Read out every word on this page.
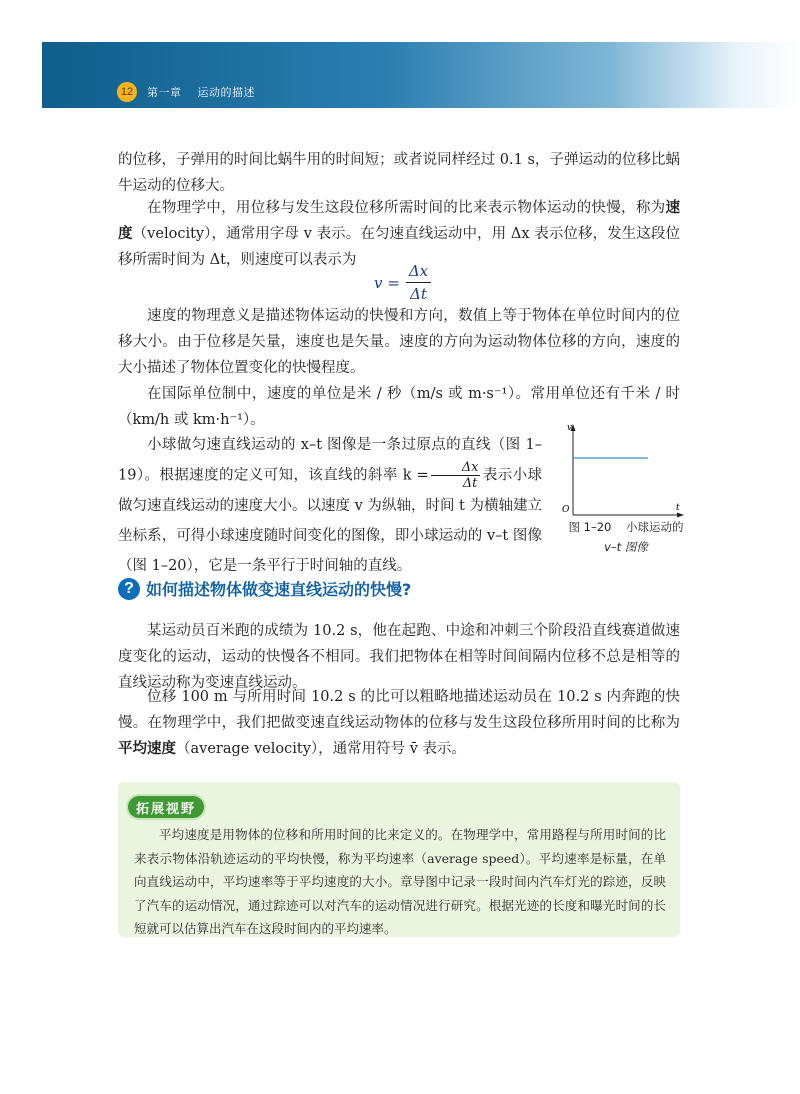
12	第一章    运动的描述

的位移，子弹用的时间比蜗牛用的时间短；或者说同样经过 0.1 s，子弹运动的位移比蜗牛运动的位移大。

在物理学中，用位移与发生这段位移所需时间的比来表示物体运动的快慢，称为速度（velocity），通常用字母 v 表示。在匀速直线运动中，用 Δx 表示位移，发生这段位移所需时间为 Δt，则速度可以表示为

$v = \frac{\Delta x}{\Delta t}$

速度的物理意义是描述物体运动的快慢和方向，数值上等于物体在单位时间内的位移大小。由于位移是矢量，速度也是矢量。速度的方向为运动物体位移的方向，速度的大小描述了物体位置变化的快慢程度。

在国际单位制中，速度的单位是米 / 秒（m/s 或 m·s⁻¹）。常用单位还有千米 / 时（km/h 或 km·h⁻¹）。

小球做匀速直线运动的 x–t 图像是一条过原点的直线（图 1–19）。根据速度的定义可知，该直线的斜率 $k = \frac{\Delta x}{\Delta t}$ 表示小球做匀速直线运动的速度大小。以速度 v 为纵轴，时间 t 为横轴建立坐标系，可得小球速度随时间变化的图像，即小球运动的 v–t 图像（图 1–20），它是一条平行于时间轴的直线。

v
t
O
图 1–20    小球运动的
v–t 图像
? 如何描述物体做变速直线运动的快慢?

某运动员百米跑的成绩为 10.2 s，他在起跑、中途和冲刺三个阶段沿直线赛道做速度变化的运动，运动的快慢各不相同。我们把物体在相等时间间隔内位移不总是相等的直线运动称为变速直线运动。

位移 100 m 与所用时间 10.2 s 的比可以粗略地描述运动员在 10.2 s 内奔跑的快慢。在物理学中，我们把做变速直线运动物体的位移与发生这段位移所用时间的比称为平均速度（average velocity），通常用符号 v̄ 表示。

拓展视野

平均速度是用物体的位移和所用时间的比来定义的。在物理学中，常用路程与所用时间的比来表示物体沿轨迹运动的平均快慢，称为平均速率（average speed）。平均速率是标量，在单向直线运动中，平均速率等于平均速度的大小。章导图中记录一段时间内汽车灯光的踪迹，反映了汽车的运动情况，通过踪迹可以对汽车的运动情况进行研究。根据光迹的长度和曝光时间的长短就可以估算出汽车在这段时间内的平均速率。
